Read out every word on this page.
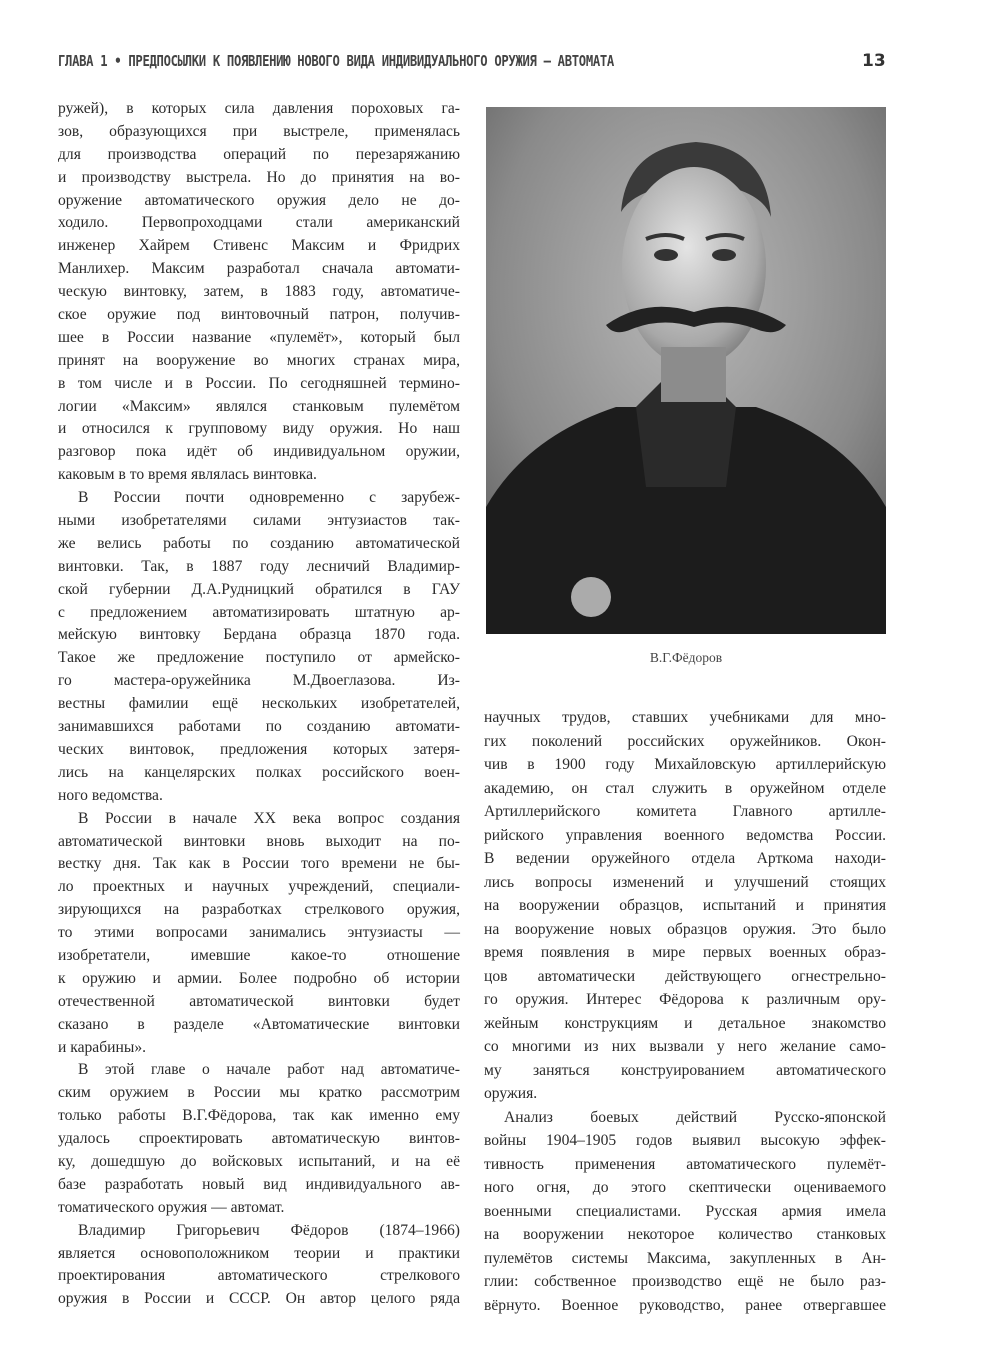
ГЛАВА 1 • ПРЕДПОСЫЛКИ К ПОЯВЛЕНИЮ НОВОГО ВИДА ИНДИВИДУАЛЬНОГО ОРУЖИЯ — АВТОМАТА	13
ружей), в которых сила давления пороховых га-
зов, образующихся при выстреле, применялась
для производства операций по перезаряжанию
и производству выстрела. Но до принятия на во-
оружение автоматического оружия дело не до-
ходило. Первопроходцами стали американский
инженер Хайрем Стивенс Максим и Фридрих
Манлихер. Максим разработал сначала автомати-
ческую винтовку, затем, в 1883 году, автоматиче-
ское оружие под винтовочный патрон, получив-
шее в России название «пулемёт», который был
принят на вооружение во многих странах мира,
в том числе и в России. По сегодняшней термино-
логии «Максим» являлся станковым пулемётом
и относился к групповому виду оружия. Но наш
разговор пока идёт об индивидуальном оружии,
каковым в то время являлась винтовка.
В России почти одновременно с зарубеж-
ными изобретателями силами энтузиастов так-
же велись работы по созданию автоматической
винтовки. Так, в 1887 году лесничий Владимир-
ской губернии Д.А.Рудницкий обратился в ГАУ
с предложением автоматизировать штатную ар-
мейскую винтовку Бердана образца 1870 года.
Такое же предложение поступило от армейско-
го мастера-оружейника М.Двоеглазова. Из-
вестны фамилии ещё нескольких изобретателей,
занимавшихся работами по созданию автомати-
ческих винтовок, предложения которых затеря-
лись на канцелярских полках российского воен-
ного ведомства.
В России в начале XX века вопрос создания
автоматической винтовки вновь выходит на по-
вестку дня. Так как в России того времени не бы-
ло проектных и научных учреждений, специали-
зирующихся на разработках стрелкового оружия,
то этими вопросами занимались энтузиасты —
изобретатели, имевшие какое-то отношение
к оружию и армии. Более подробно об истории
отечественной автоматической винтовки будет
сказано в разделе «Автоматические винтовки
и карабины».
В этой главе о начале работ над автоматиче-
ским оружием в России мы кратко рассмотрим
только работы В.Г.Фёдорова, так как именно ему
удалось спроектировать автоматическую винтов-
ку, дошедшую до войсковых испытаний, и на её
базе разработать новый вид индивидуального ав-
томатического оружия — автомат.
Владимир Григорьевич Фёдоров (1874–1966)
является основоположником теории и практики
проектирования автоматического стрелкового
оружия в России и СССР. Он автор целого ряда
научных трудов, ставших учебниками для мно-
гих поколений российских оружейников. Окон-
чив в 1900 году Михайловскую артиллерийскую
академию, он стал служить в оружейном отделе
Артиллерийского комитета Главного артилле-
рийского управления военного ведомства России.
В ведении оружейного отдела Арткома находи-
лись вопросы изменений и улучшений стоящих
на вооружении образцов, испытаний и принятия
на вооружение новых образцов оружия. Это было
время появления в мире первых военных образ-
цов автоматически действующего огнестрельно-
го оружия. Интерес Фёдорова к различным ору-
жейным конструкциям и детальное знакомство
со многими из них вызвали у него желание само-
му заняться конструированием автоматического
оружия.
Анализ боевых действий Русско-японской
войны 1904–1905 годов выявил высокую эффек-
тивность применения автоматического пулемёт-
ного огня, до этого скептически оцениваемого
военными специалистами. Русская армия имела
на вооружении некоторое количество станковых
пулемётов системы Максима, закупленных в Ан-
глии: собственное производство ещё не было раз-
вёрнуто. Военное руководство, ранее отвергавшее
В.Г.Фёдоров
